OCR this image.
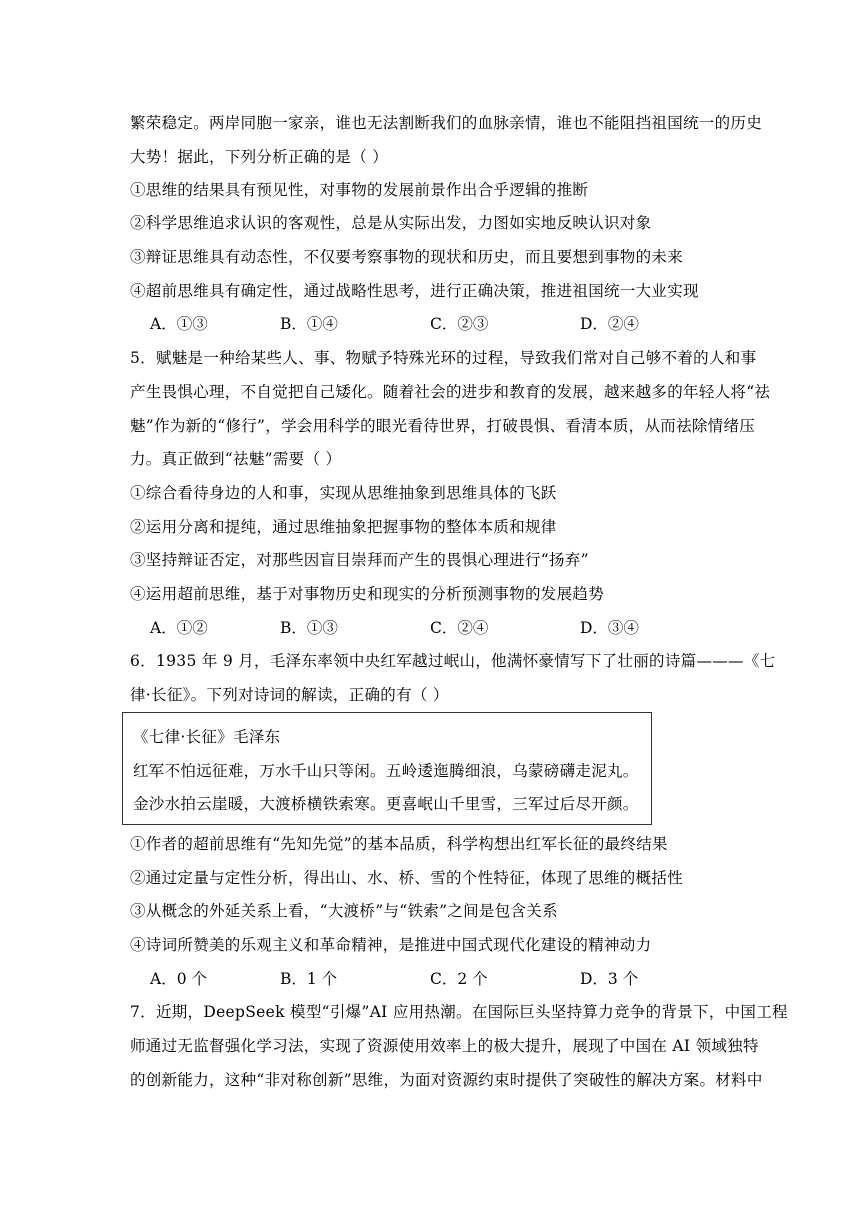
繁荣稳定。两岸同胞一家亲，谁也无法割断我们的血脉亲情，谁也不能阻挡祖国统一的历史
大势！据此，下列分析正确的是（ ）
①思维的结果具有预见性，对事物的发展前景作出合乎逻辑的推断
②科学思维追求认识的客观性，总是从实际出发，力图如实地反映认识对象
③辩证思维具有动态性，不仅要考察事物的现状和历史，而且要想到事物的未来
④超前思维具有确定性，通过战略性思考，进行正确决策，推进祖国统一大业实现
A．①③	B．①④	C．②③	D．②④
5．赋魅是一种给某些人、事、物赋予特殊光环的过程，导致我们常对自己够不着的人和事
产生畏惧心理，不自觉把自己矮化。随着社会的进步和教育的发展，越来越多的年轻人将“祛
魅”作为新的“修行”，学会用科学的眼光看待世界，打破畏惧、看清本质，从而祛除情绪压
力。真正做到“祛魅”需要（ ）
①综合看待身边的人和事，实现从思维抽象到思维具体的飞跃
②运用分离和提纯，通过思维抽象把握事物的整体本质和规律
③坚持辩证否定，对那些因盲目崇拜而产生的畏惧心理进行“扬弃”
④运用超前思维，基于对事物历史和现实的分析预测事物的发展趋势
A．①②	B．①③	C．②④	D．③④
6．1935 年 9 月，毛泽东率领中央红军越过岷山，他满怀豪情写下了壮丽的诗篇———《七
律·长征》。下列对诗词的解读，正确的有（ ）
《七律·长征》毛泽东
红军不怕远征难，万水千山只等闲。五岭逶迤腾细浪，乌蒙磅礴走泥丸。
金沙水拍云崖暖，大渡桥横铁索寒。更喜岷山千里雪，三军过后尽开颜。
①作者的超前思维有“先知先觉”的基本品质，科学构想出红军长征的最终结果
②通过定量与定性分析，得出山、水、桥、雪的个性特征，体现了思维的概括性
③从概念的外延关系上看，“大渡桥”与“铁索”之间是包含关系
④诗词所赞美的乐观主义和革命精神，是推进中国式现代化建设的精神动力
A．0 个	B．1 个	C．2 个	D．3 个
7．近期，DeepSeek 模型“引爆”AI 应用热潮。在国际巨头坚持算力竞争的背景下，中国工程
师通过无监督强化学习法，实现了资源使用效率上的极大提升，展现了中国在 AI 领域独特
的创新能力，这种“非对称创新”思维，为面对资源约束时提供了突破性的解决方案。材料中
